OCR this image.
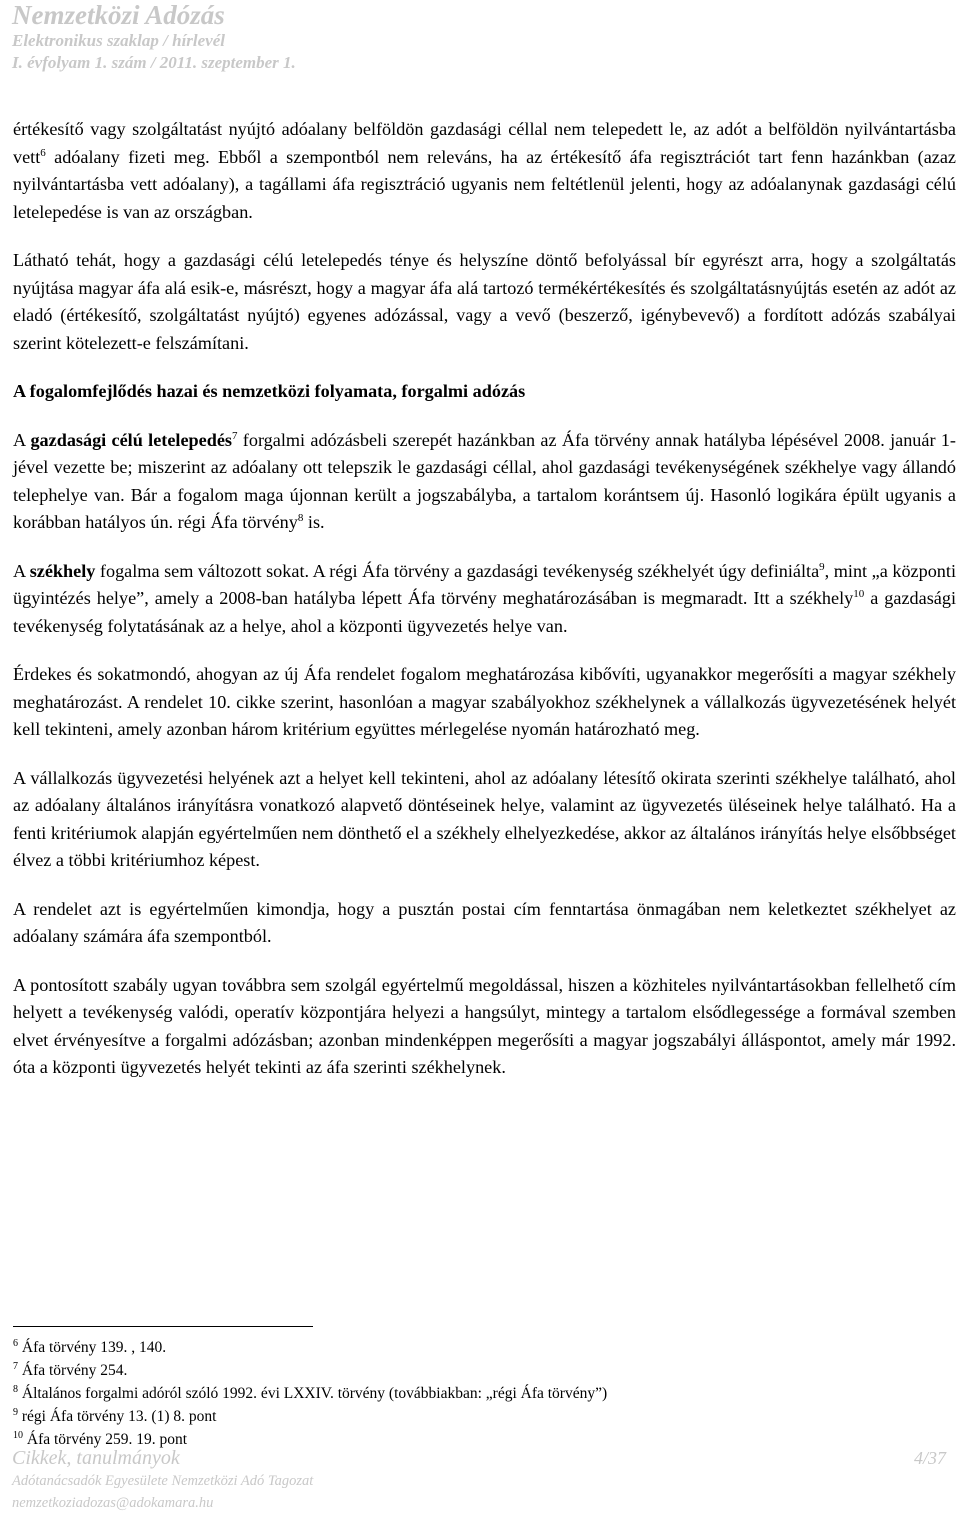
Nemzetközi Adózás
Elektronikus szaklap / hírlevél
I. évfolyam 1. szám / 2011. szeptember 1.

értékesítő vagy szolgáltatást nyújtó adóalany belföldön gazdasági céllal nem telepedett le, az adót a belföldön nyilvántartásba vett$^6$ adóalany fizeti meg. Ebből a szempontból nem releváns, ha az értékesítő áfa regisztrációt tart fenn hazánkban (azaz nyilvántartásba vett adóalany), a tagállami áfa regisztráció ugyanis nem feltétlenül jelenti, hogy az adóalanynak gazdasági célú letelepedése is van az országban.

Látható tehát, hogy a gazdasági célú letelepedés ténye és helyszíne döntő befolyással bír egyrészt arra, hogy a szolgáltatás nyújtása magyar áfa alá esik-e, másrészt, hogy a magyar áfa alá tartozó termékértékesítés és szolgáltatásnyújtás esetén az adót az eladó (értékesítő, szolgáltatást nyújtó) egyenes adózással, vagy a vevő (beszerző, igénybevevő) a fordított adózás szabályai szerint kötelezett-e felszámítani.

A fogalomfejlődés hazai és nemzetközi folyamata, forgalmi adózás

A gazdasági célú letelepedés$^7$ forgalmi adózásbeli szerepét hazánkban az Áfa törvény annak hatályba lépésével 2008. január 1-jével vezette be; miszerint az adóalany ott telepszik le gazdasági céllal, ahol gazdasági tevékenységének székhelye vagy állandó telephelye van. Bár a fogalom maga újonnan került a jogszabályba, a tartalom korántsem új. Hasonló logikára épült ugyanis a korábban hatályos ún. régi Áfa törvény$^8$ is.

A székhely fogalma sem változott sokat. A régi Áfa törvény a gazdasági tevékenység székhelyét úgy definiálta$^9$, mint „a központi ügyintézés helye”, amely a 2008-ban hatályba lépett Áfa törvény meghatározásában is megmaradt. Itt a székhely$^{10}$ a gazdasági tevékenység folytatásának az a helye, ahol a központi ügyvezetés helye van.

Érdekes és sokatmondó, ahogyan az új Áfa rendelet fogalom meghatározása kibővíti, ugyanakkor megerősíti a magyar székhely meghatározást. A rendelet 10. cikke szerint, hasonlóan a magyar szabályokhoz székhelynek a vállalkozás ügyvezetésének helyét kell tekinteni, amely azonban három kritérium együttes mérlegelése nyomán határozható meg.

A vállalkozás ügyvezetési helyének azt a helyet kell tekinteni, ahol az adóalany létesítő okirata szerinti székhelye található, ahol az adóalany általános irányításra vonatkozó alapvető döntéseinek helye, valamint az ügyvezetés üléseinek helye található. Ha a fenti kritériumok alapján egyértelműen nem dönthető el a székhely elhelyezkedése, akkor az általános irányítás helye elsőbbséget élvez a többi kritériumhoz képest.

A rendelet azt is egyértelműen kimondja, hogy a pusztán postai cím fenntartása önmagában nem keletkeztet székhelyet az adóalany számára áfa szempontból.

A pontosított szabály ugyan továbbra sem szolgál egyértelmű megoldással, hiszen a közhiteles nyilvántartásokban fellelhető cím helyett a tevékenység valódi, operatív központjára helyezi a hangsúlyt, mintegy a tartalom elsődlegessége a formával szemben elvet érvényesítve a forgalmi adózásban; azonban mindenképpen megerősíti a magyar jogszabályi álláspontot, amely már 1992. óta a központi ügyvezetés helyét tekinti az áfa szerinti székhelynek.

$^6$ Áfa törvény 139. , 140.
$^7$ Áfa törvény 254.
$^8$ Általános forgalmi adóról szóló 1992. évi LXXIV. törvény (továbbiakban: „régi Áfa törvény”)
$^9$ régi Áfa törvény 13. (1) 8. pont
$^{10}$ Áfa törvény 259. 19. pont
Cikkek, tanulmányok	4/37
Adótanácsadók Egyesülete Nemzetközi Adó Tagozat
nemzetkoziadozas@adokamara.hu
